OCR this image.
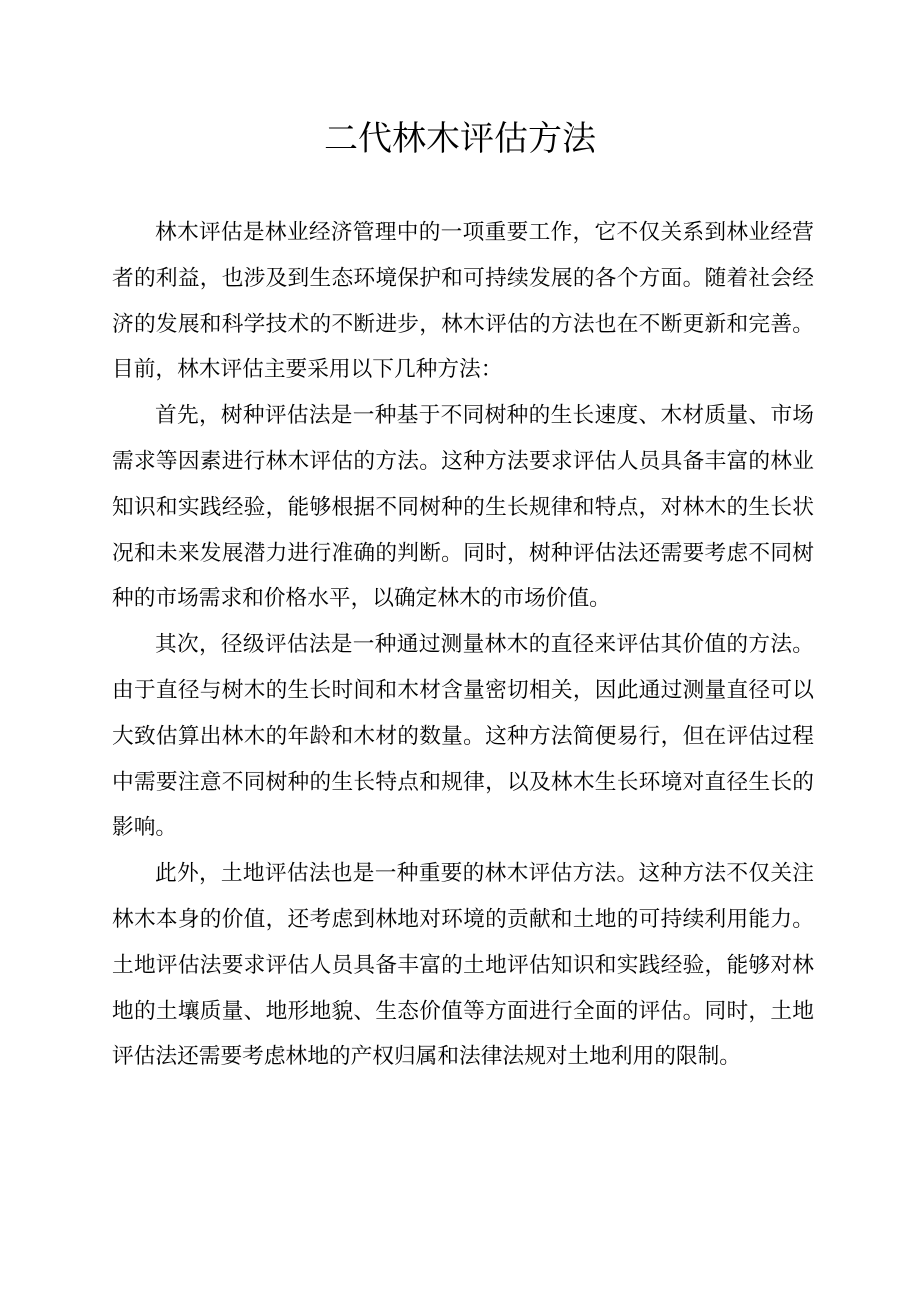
二代林木评估方法

林木评估是林业经济管理中的一项重要工作，它不仅关系到林业经营者的利益，也涉及到生态环境保护和可持续发展的各个方面。随着社会经济的发展和科学技术的不断进步，林木评估的方法也在不断更新和完善。目前，林木评估主要采用以下几种方法：

首先，树种评估法是一种基于不同树种的生长速度、木材质量、市场需求等因素进行林木评估的方法。这种方法要求评估人员具备丰富的林业知识和实践经验，能够根据不同树种的生长规律和特点，对林木的生长状况和未来发展潜力进行准确的判断。同时，树种评估法还需要考虑不同树种的市场需求和价格水平，以确定林木的市场价值。

其次，径级评估法是一种通过测量林木的直径来评估其价值的方法。由于直径与树木的生长时间和木材含量密切相关，因此通过测量直径可以大致估算出林木的年龄和木材的数量。这种方法简便易行，但在评估过程中需要注意不同树种的生长特点和规律，以及林木生长环境对直径生长的影响。

此外，土地评估法也是一种重要的林木评估方法。这种方法不仅关注林木本身的价值，还考虑到林地对环境的贡献和土地的可持续利用能力。土地评估法要求评估人员具备丰富的土地评估知识和实践经验，能够对林地的土壤质量、地形地貌、生态价值等方面进行全面的评估。同时，土地评估法还需要考虑林地的产权归属和法律法规对土地利用的限制。
